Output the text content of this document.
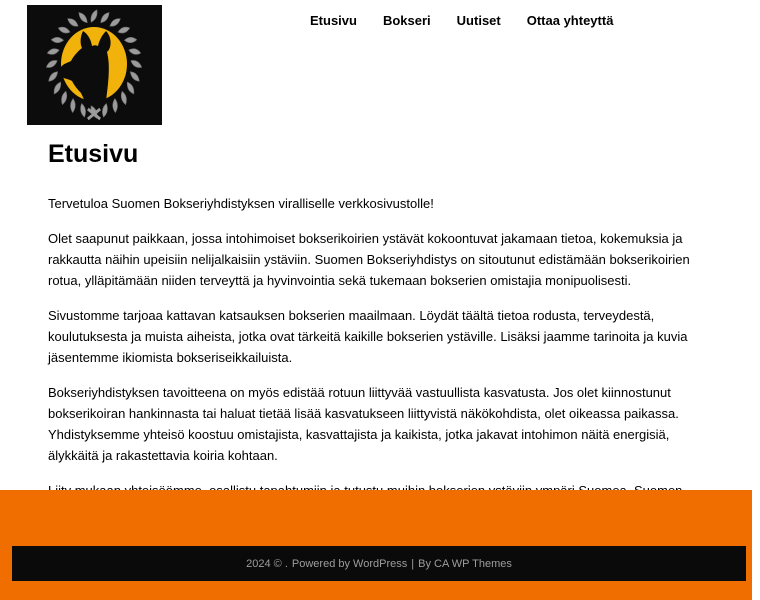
Etusivu Bokseri Uutiset Ottaa yhteyttä
Etusivu

Tervetuloa Suomen Bokseriyhdistyksen viralliselle verkkosivustolle!

Olet saapunut paikkaan, jossa intohimoiset bokserikoirien ystävät kokoontuvat jakamaan tietoa, kokemuksia ja rakkautta näihin upeisiin nelijalkaisiin ystäviin. Suomen Bokseriyhdistys on sitoutunut edistämään bokserikoirien rotua, ylläpitämään niiden terveyttä ja hyvinvointia sekä tukemaan bokserien omistajia monipuolisesti.

Sivustomme tarjoaa kattavan katsauksen bokserien maailmaan. Löydät täältä tietoa rodusta, terveydestä, koulutuksesta ja muista aiheista, jotka ovat tärkeitä kaikille bokserien ystäville. Lisäksi jaamme tarinoita ja kuvia jäsentemme ikiomista bokseriseikkailuista.

Bokseriyhdistyksen tavoitteena on myös edistää rotuun liittyvää vastuullista kasvatusta. Jos olet kiinnostunut bokserikoiran hankinnasta tai haluat tietää lisää kasvatukseen liittyvistä näkökohdista, olet oikeassa paikassa. Yhdistyksemme yhteisö koostuu omistajista, kasvattajista ja kaikista, jotka jakavat intohimon näitä energisiä, älykkäitä ja rakastettavia koiria kohtaan.

2024 © . Powered by WordPress | By CA WP Themes
